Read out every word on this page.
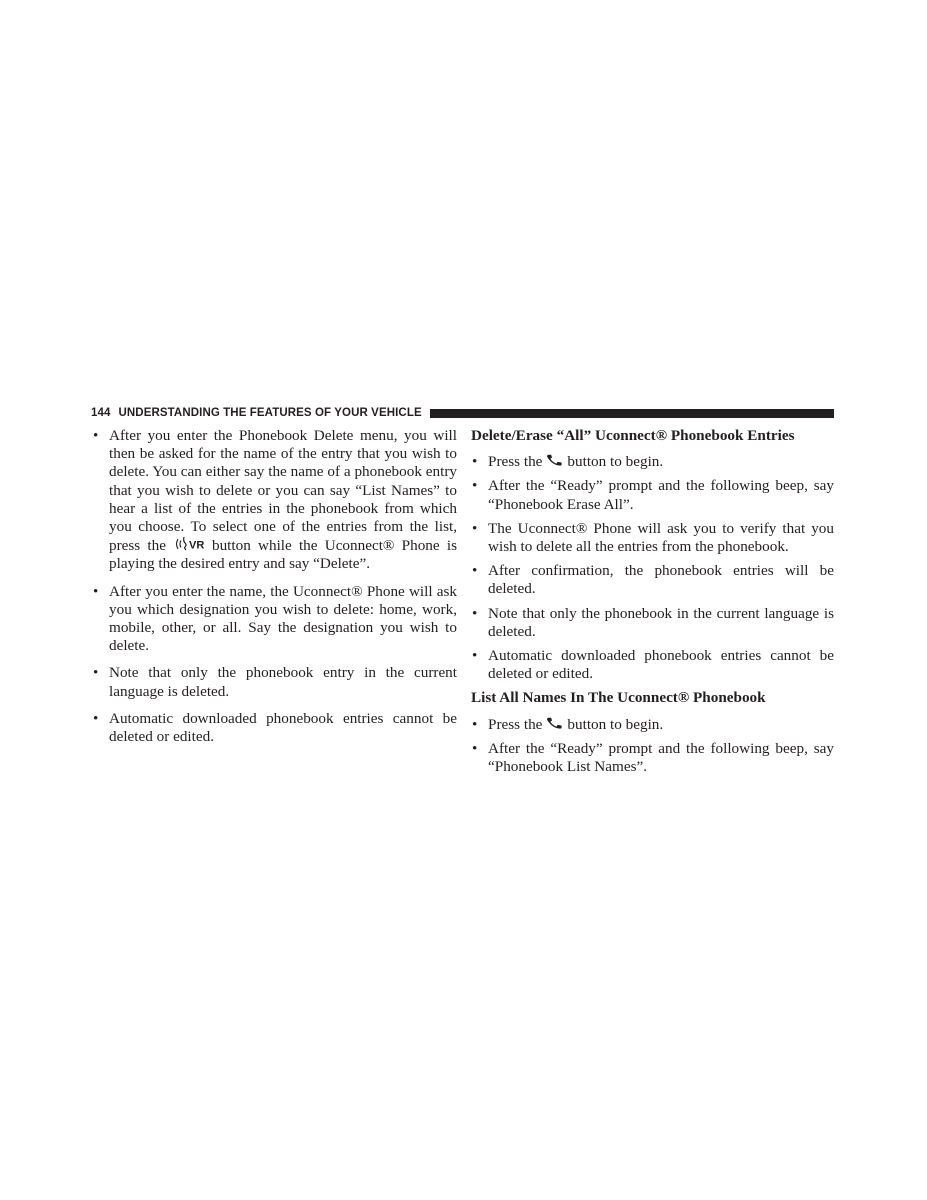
144 UNDERSTANDING THE FEATURES OF YOUR VEHICLE
• After you enter the Phonebook Delete menu, you will then be asked for the name of the entry that you wish to delete. You can either say the name of a phonebook entry that you wish to delete or you can say “List Names” to hear a list of the entries in the phonebook from which you choose. To select one of the entries from the list, press the VR button while the Uconnect® Phone is playing the desired entry and say “Delete”.
• After you enter the name, the Uconnect® Phone will ask you which designation you wish to delete: home, work, mobile, other, or all. Say the designation you wish to delete.
• Note that only the phonebook entry in the current language is deleted.
• Automatic downloaded phonebook entries cannot be deleted or edited.
Delete/Erase “All” Uconnect® Phonebook Entries
• Press the button to begin.
• After the “Ready” prompt and the following beep, say “Phonebook Erase All”.
• The Uconnect® Phone will ask you to verify that you wish to delete all the entries from the phonebook.
• After confirmation, the phonebook entries will be deleted.
• Note that only the phonebook in the current language is deleted.
• Automatic downloaded phonebook entries cannot be deleted or edited.
List All Names In The Uconnect® Phonebook
• Press the button to begin.
• After the “Ready” prompt and the following beep, say “Phonebook List Names”.
